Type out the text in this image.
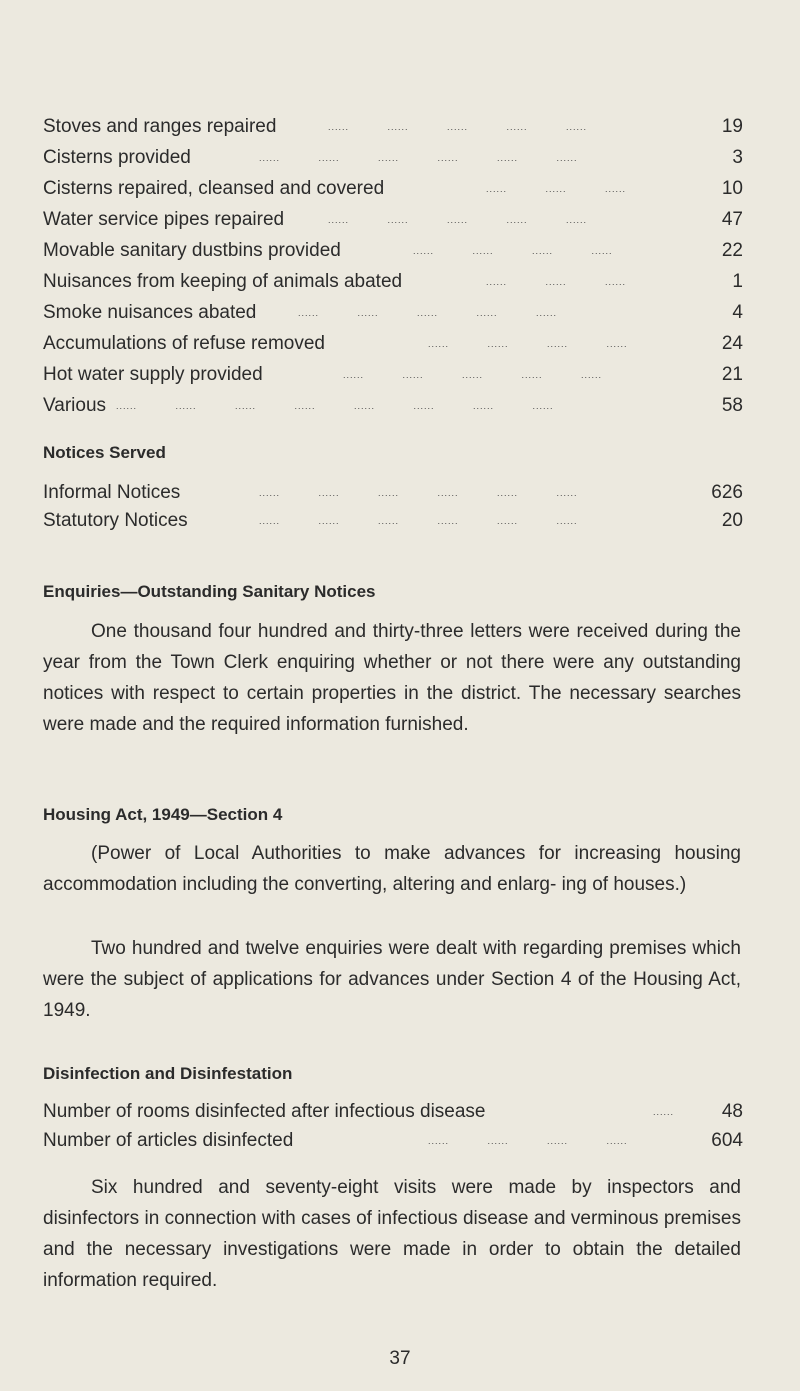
Stoves and ranges repaired	......           ......           ......           ......           ......	19
Cisterns provided	......           ......           ......           ......           ......           ......	3
Cisterns repaired, cleansed and covered	......           ......           ......	10
Water service pipes repaired	......           ......           ......           ......           ......	47
Movable sanitary dustbins provided	......           ......           ......           ......	22
Nuisances from keeping of animals abated	......           ......           ......	1
Smoke nuisances abated	......           ......           ......           ......           ......	4
Accumulations of refuse removed	......           ......           ......           ......	24
Hot water supply provided	......           ......           ......           ......           ......	21
Various ......           ......           ......           ......           ......           ......           ......           ......	58
Notices Served
Informal Notices	......           ......           ......           ......           ......           ......	626
Statutory Notices	......           ......           ......           ......           ......           ......	20
Enquiries—Outstanding Sanitary Notices

One thousand four hundred and thirty-three letters were received during the year from the Town Clerk enquiring whether or not there were any outstanding notices with respect to certain properties in the district. The necessary searches were made and the required information furnished.

Housing Act, 1949—Section 4

(Power of Local Authorities to make advances for increasing housing accommodation including the converting, altering and enlarg- ing of houses.)

Two hundred and twelve enquiries were dealt with regarding premises which were the subject of applications for advances under Section 4 of the Housing Act, 1949.

Disinfection and Disinfestation
Number of rooms disinfected after infectious disease	......	48
Number of articles disinfected	......           ......           ......           ......	604

Six hundred and seventy-eight visits were made by inspectors and disinfectors in connection with cases of infectious disease and verminous premises and the necessary investigations were made in order to obtain the detailed information required.

37
